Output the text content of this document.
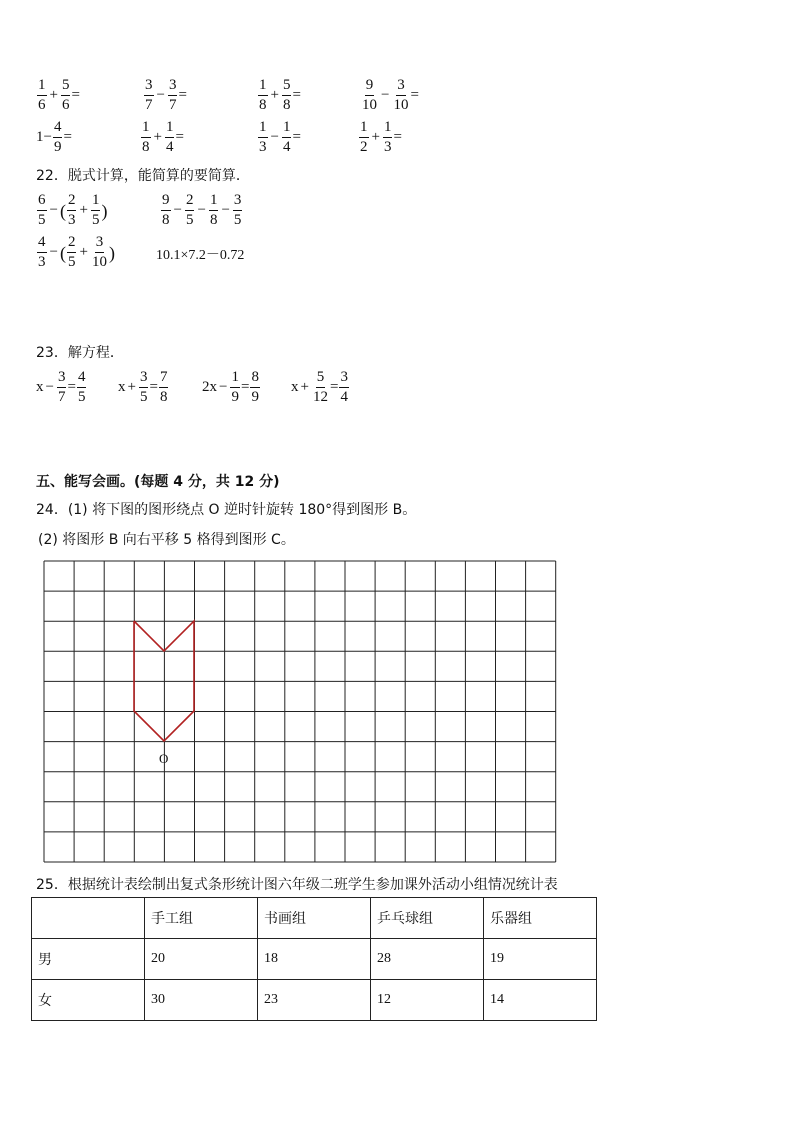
$\frac{1}{6} + \frac{5}{6}$ =	$\frac{3}{7} - \frac{3}{7}$ =	$\frac{1}{8} + \frac{5}{8}$ =	$\frac{9}{10} - \frac{3}{10}$ =
$1- \frac{4}{9}$ =	$\frac{1}{8} + \frac{1}{4}$ =	$\frac{1}{3} - \frac{1}{4}$ =	$\frac{1}{2} + \frac{1}{3}$ =
22．脱式计算，能简算的要简算．
$\frac{6}{5}$ − ( $\frac{2}{3} + \frac{1}{5}$ )	$\frac{9}{8} - \frac{2}{5} - \frac{1}{8} - \frac{3}{5}$
$\frac{4}{3}$ − ( $\frac{2}{5} + \frac{3}{10}$ )	10.1×7.2－0.72
23．解方程．
$x - \frac{3}{7} = \frac{4}{5}$ $x + \frac{3}{5} = \frac{7}{8} 2x - \frac{1}{9} = \frac{8}{9}$ $x + \frac{5}{12} = \frac{3}{4}$
五、能写会画。(每题 4 分，共 12 分)
24．(1) 将下图的图形绕点 O 逆时针旋转 180°得到图形 B。
(2) 将图形 B 向右平移 5 格得到图形 C。
O
25．根据统计表绘制出复式条形统计图六年级二班学生参加课外活动小组情况统计表
	手工组	书画组	乒乓球组	乐器组
男	20	18	28	19
女	30	23	12	14
